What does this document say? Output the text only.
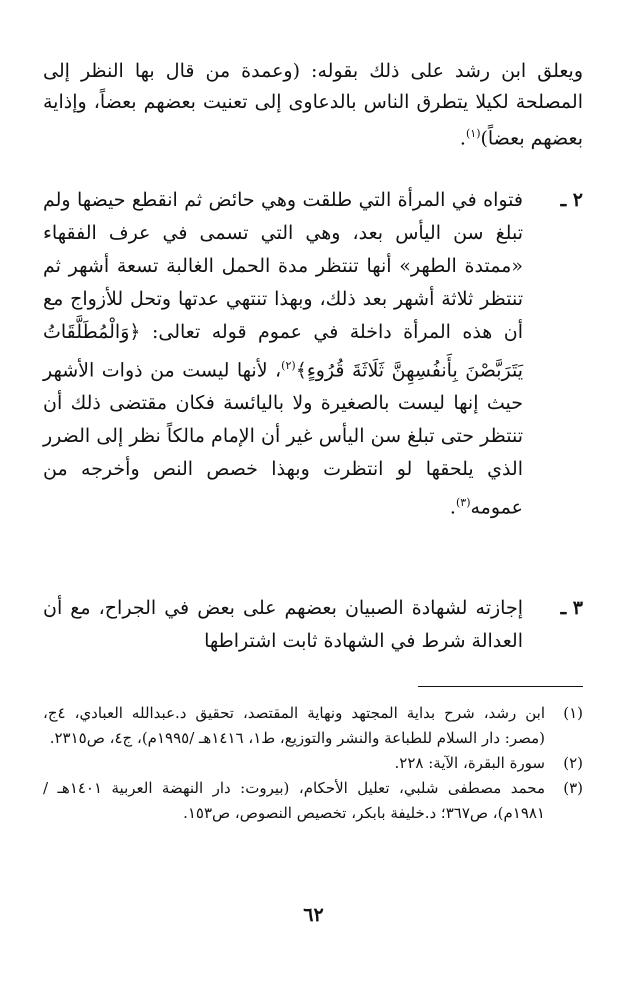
ويعلق ابن رشد على ذلك بقوله: (وعمدة من قال بها النظر إلى المصلحة لكيلا يتطرق الناس بالدعاوى إلى تعنيت بعضهم بعضاً، وإذاية بعضهم بعضاً)$^{(١)}$.

٢ ـ

فتواه في المرأة التي طلقت وهي حائض ثم انقطع حيضها ولم تبلغ سن اليأس بعد، وهي التي تسمى في عرف الفقهاء «ممتدة الطهر» أنها تنتظر مدة الحمل الغالبة تسعة أشهر ثم تنتظر ثلاثة أشهر بعد ذلك، وبهذا تنتهي عدتها وتحل للأزواج مع أن هذه المرأة داخلة في عموم قوله تعالى: ﴿وَالْمُطَلَّقَاتُ يَتَرَبَّصْنَ بِأَنفُسِهِنَّ ثَلَاثَةَ قُرُوءٍ﴾$^{(٢)}$، لأنها ليست من ذوات الأشهر حيث إنها ليست بالصغيرة ولا باليائسة فكان مقتضى ذلك أن تنتظر حتى تبلغ سن اليأس غير أن الإمام مالكاً نظر إلى الضرر الذي يلحقها لو انتظرت وبهذا خصص النص وأخرجه من عمومه$^{(٣)}$.

٣ ـ

إجازته لشهادة الصبيان بعضهم على بعض في الجراح، مع أن العدالة شرط في الشهادة ثابت اشتراطها

(١)
ابن رشد، شرح بداية المجتهد ونهاية المقتصد، تحقيق د.عبدالله العبادي، ٤ج، (مصر: دار السلام للطباعة والنشر والتوزيع، ط١، ١٤١٦هـ /١٩٩٥م)، ج٤، ص٢٣١٥.
(٢)
سورة البقرة، الآية: ٢٢٨.
(٣)
محمد مصطفى شلبي، تعليل الأحكام، (بيروت: دار النهضة العربية ١٤٠١هـ /١٩٨١م)، ص٣٦٧؛ د.خليفة بابكر، تخصيص النصوص، ص١٥٣.
٦٢
